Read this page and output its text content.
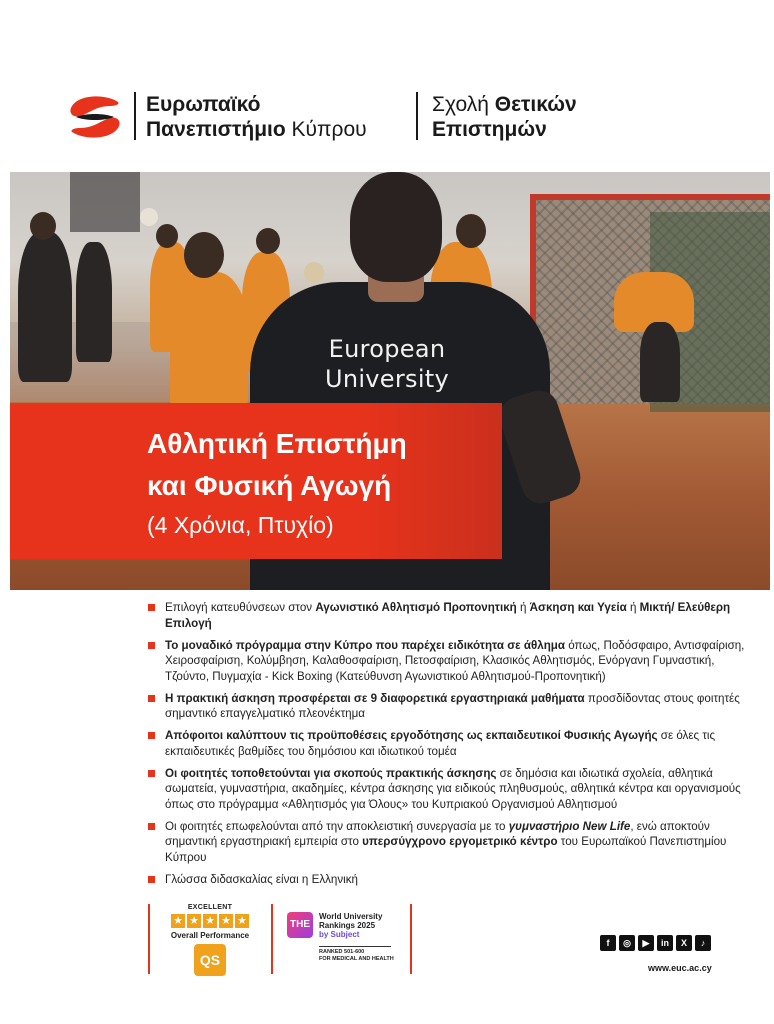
Ευρωπαϊκό
Πανεπιστήμιο Κύπρου
Σχολή Θετικών
Επιστημών
European
University
Αθλητική Επιστήμη
και Φυσική Αγωγή
(4 Χρόνια, Πτυχίο)
Επιλογή κατευθύνσεων στον Αγωνιστικό Αθλητισμό Προπονητική ή Άσκηση και Υγεία ή Μικτή/ Ελεύθερη Επιλογή
Το μοναδικό πρόγραμμα στην Κύπρο που παρέχει ειδικότητα σε άθλημα όπως, Ποδόσφαιρο, Αντισφαίριση, Χειροσφαίριση, Κολύμβηση, Καλαθοσφαίριση, Πετοσφαίριση, Κλασικός Αθλητισμός, Ενόργανη Γυμναστική, Τζούντο, Πυγμαχία - Kick Boxing (Κατεύθυνση Αγωνιστικού Αθλητισμού-Προπονητική)
Η πρακτική άσκηση προσφέρεται σε 9 διαφορετικά εργαστηριακά μαθήματα προσδίδοντας στους φοιτητές σημαντικό επαγγελματικό πλεονέκτημα
Απόφοιτοι καλύπτουν τις προϋποθέσεις εργοδότησης ως εκπαιδευτικοί Φυσικής Αγωγής σε όλες τις εκπαιδευτικές βαθμίδες του δημόσιου και ιδιωτικού τομέα
Οι φοιτητές τοποθετούνται για σκοπούς πρακτικής άσκησης σε δημόσια και ιδιωτικά σχολεία, αθλητικά σωματεία, γυμναστήρια, ακαδημίες, κέντρα άσκησης για ειδικούς πληθυσμούς, αθλητικά κέντρα και οργανισμούς όπως στο πρόγραμμα «Αθλητισμός για Όλους» του Κυπριακού Οργανισμού Αθλητισμού
Οι φοιτητές επωφελούνται από την αποκλειστική συνεργασία με το γυμναστήριο New Life, ενώ αποκτούν σημαντική εργαστηριακή εμπειρία στο υπερσύγχρονο εργομετρικό κέντρο του Ευρωπαϊκού Πανεπιστημίου Κύπρου
Γλώσσα διδασκαλίας είναι η Ελληνική
EXCELLENT
★ ★ ★ ★ ★
Overall Performance
QS
THE
World University
Rankings 2025
by Subject
RANKED 501-600
FOR MEDICAL AND HEALTH
f	◎	▶	in	X	♪
www.euc.ac.cy
